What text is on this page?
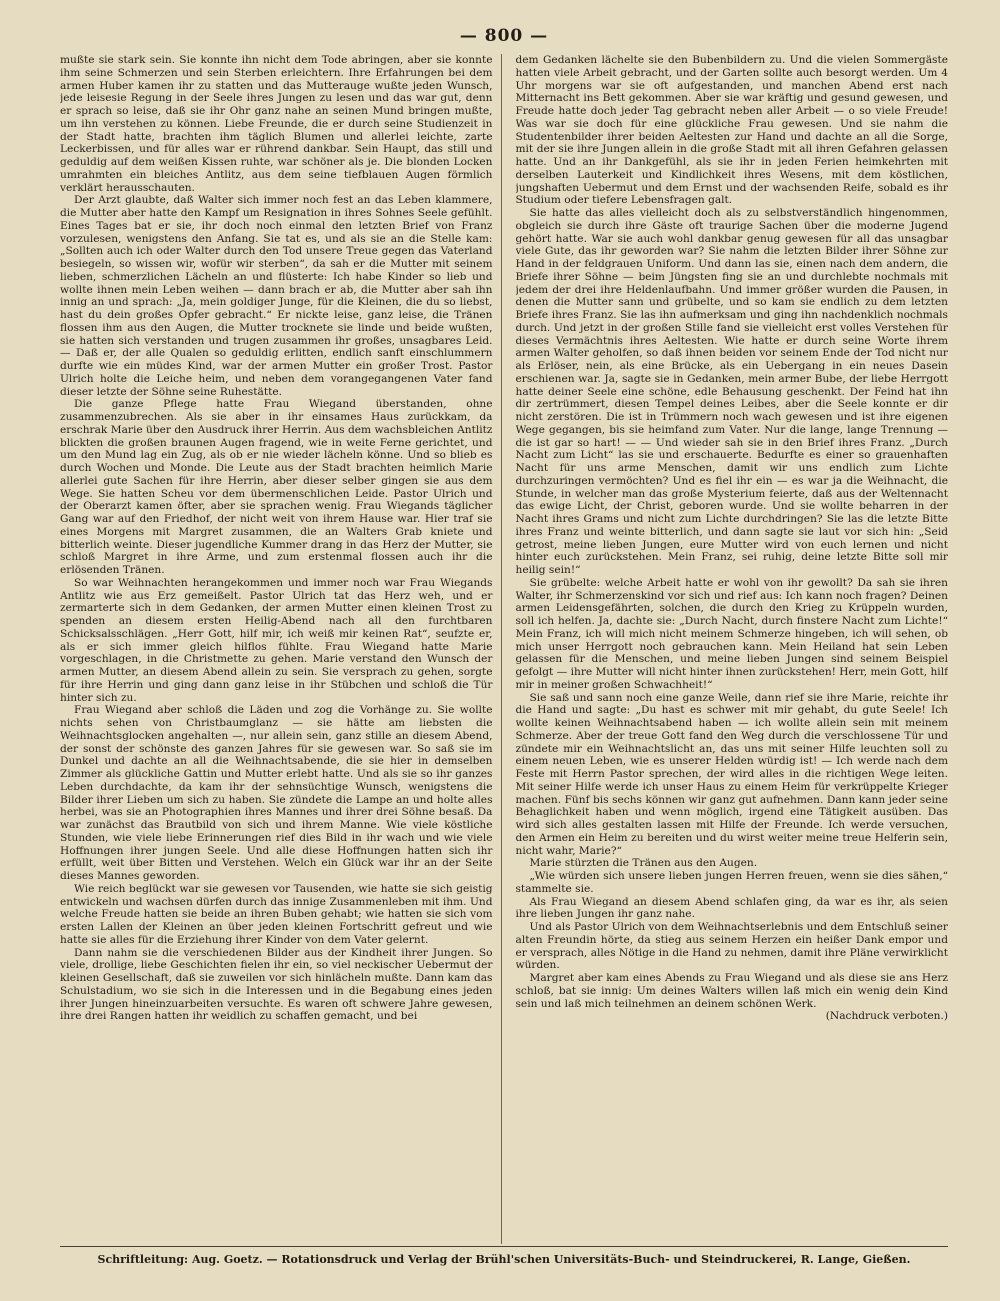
— 800 —

mußte sie stark sein. Sie konnte ihn nicht dem Tode abringen, aber sie konnte ihm seine Schmerzen und sein Sterben erleichtern. Ihre Erfahrungen bei dem armen Huber kamen ihr zu statten und das Mutterauge wußte jeden Wunsch, jede leisesie Regung in der Seele ihres Jungen zu lesen und das war gut, denn er sprach so leise, daß sie ihr Ohr ganz nahe an seinen Mund bringen mußte, um ihn verstehen zu können. Liebe Freunde, die er durch seine Studienzeit in der Stadt hatte, brachten ihm täglich Blumen und allerlei leichte, zarte Leckerbissen, und für alles war er rührend dankbar. Sein Haupt, das still und geduldig auf dem weißen Kissen ruhte, war schöner als je. Die blonden Locken umrahmten ein bleiches Antlitz, aus dem seine tiefblauen Augen förmlich verklärt herausschauten.

Der Arzt glaubte, daß Walter sich immer noch fest an das Leben klammere, die Mutter aber hatte den Kampf um Resignation in ihres Sohnes Seele gefühlt. Eines Tages bat er sie, ihr doch noch einmal den letzten Brief von Franz vorzulesen, wenigstens den Anfang. Sie tat es, und als sie an die Stelle kam: „Sollten auch ich oder Walter durch den Tod unsere Treue gegen das Vaterland besiegeln, so wissen wir, wofür wir sterben“, da sah er die Mutter mit seinem lieben, schmerzlichen Lächeln an und flüsterte: Ich habe Kinder so lieb und wollte ihnen mein Leben weihen — dann brach er ab, die Mutter aber sah ihn innig an und sprach: „Ja, mein goldiger Junge, für die Kleinen, die du so liebst, hast du dein großes Opfer gebracht.“ Er nickte leise, ganz leise, die Tränen flossen ihm aus den Augen, die Mutter trocknete sie linde und beide wußten, sie hatten sich verstanden und trugen zusammen ihr großes, unsagbares Leid. — Daß er, der alle Qualen so geduldig erlitten, endlich sanft einschlummern durfte wie ein müdes Kind, war der armen Mutter ein großer Trost. Pastor Ulrich holte die Leiche heim, und neben dem vorangegangenen Vater fand dieser letzte der Söhne seine Ruhestätte.

Die ganze Pflege hatte Frau Wiegand überstanden, ohne zusammenzubrechen. Als sie aber in ihr einsames Haus zurückkam, da erschrak Marie über den Ausdruck ihrer Herrin. Aus dem wachsbleichen Antlitz blickten die großen braunen Augen fragend, wie in weite Ferne gerichtet, und um den Mund lag ein Zug, als ob er nie wieder lächeln könne. Und so blieb es durch Wochen und Monde. Die Leute aus der Stadt brachten heimlich Marie allerlei gute Sachen für ihre Herrin, aber dieser selber gingen sie aus dem Wege. Sie hatten Scheu vor dem übermenschlichen Leide. Pastor Ulrich und der Oberarzt kamen öfter, aber sie sprachen wenig. Frau Wiegands täglicher Gang war auf den Friedhof, der nicht weit von ihrem Hause war. Hier traf sie eines Morgens mit Margret zusammen, die an Walters Grab kniete und bitterlich weinte. Dieser jugendliche Kummer drang in das Herz der Mutter, sie schloß Margret in ihre Arme, und zum erstenmal flossen auch ihr die erlösenden Tränen.

So war Weihnachten herangekommen und immer noch war Frau Wiegands Antlitz wie aus Erz gemeißelt. Pastor Ulrich tat das Herz weh, und er zermarterte sich in dem Gedanken, der armen Mutter einen kleinen Trost zu spenden an diesem ersten Heilig-Abend nach all den furchtbaren Schicksalsschlägen. „Herr Gott, hilf mir, ich weiß mir keinen Rat“, seufzte er, als er sich immer gleich hilflos fühlte. Frau Wiegand hatte Marie vorgeschlagen, in die Christmette zu gehen. Marie verstand den Wunsch der armen Mutter, an diesem Abend allein zu sein. Sie versprach zu gehen, sorgte für ihre Herrin und ging dann ganz leise in ihr Stübchen und schloß die Tür hinter sich zu.

Frau Wiegand aber schloß die Läden und zog die Vorhänge zu. Sie wollte nichts sehen von Christbaumglanz — sie hätte am liebsten die Weihnachtsglocken angehalten —, nur allein sein, ganz stille an diesem Abend, der sonst der schönste des ganzen Jahres für sie gewesen war. So saß sie im Dunkel und dachte an all die Weihnachtsabende, die sie hier in demselben Zimmer als glückliche Gattin und Mutter erlebt hatte. Und als sie so ihr ganzes Leben durchdachte, da kam ihr der sehnsüchtige Wunsch, wenigstens die Bilder ihrer Lieben um sich zu haben. Sie zündete die Lampe an und holte alles herbei, was sie an Photographien ihres Mannes und ihrer drei Söhne besaß. Da war zunächst das Brautbild von sich und ihrem Manne. Wie viele köstliche Stunden, wie viele liebe Erinnerungen rief dies Bild in ihr wach und wie viele Hoffnungen ihrer jungen Seele. Und alle diese Hoffnungen hatten sich ihr erfüllt, weit über Bitten und Verstehen. Welch ein Glück war ihr an der Seite dieses Mannes geworden.

Wie reich beglückt war sie gewesen vor Tausenden, wie hatte sie sich geistig entwickeln und wachsen dürfen durch das innige Zusammenleben mit ihm. Und welche Freude hatten sie beide an ihren Buben gehabt; wie hatten sie sich vom ersten Lallen der Kleinen an über jeden kleinen Fortschritt gefreut und wie hatte sie alles für die Erziehung ihrer Kinder von dem Vater gelernt.

Dann nahm sie die verschiedenen Bilder aus der Kindheit ihrer Jungen. So viele, drollige, liebe Geschichten fielen ihr ein, so viel neckischer Uebermut der kleinen Gesellschaft, daß sie zuweilen vor sich hinlächeln mußte. Dann kam das Schulstadium, wo sie sich in die Interessen und in die Begabung eines jeden ihrer Jungen hineinzuarbeiten versuchte. Es waren oft schwere Jahre gewesen, ihre drei Rangen hatten ihr weidlich zu schaffen gemacht, und bei

dem Gedanken lächelte sie den Bubenbildern zu. Und die vielen Sommergäste hatten viele Arbeit gebracht, und der Garten sollte auch besorgt werden. Um 4 Uhr morgens war sie oft aufgestanden, und manchen Abend erst nach Mitternacht ins Bett gekommen. Aber sie war kräftig und gesund gewesen, und Freude hatte doch jeder Tag gebracht neben aller Arbeit — o so viele Freude! Was war sie doch für eine glückliche Frau gewesen. Und sie nahm die Studentenbilder ihrer beiden Aeltesten zur Hand und dachte an all die Sorge, mit der sie ihre Jungen allein in die große Stadt mit all ihren Gefahren gelassen hatte. Und an ihr Dankgefühl, als sie ihr in jeden Ferien heimkehrten mit derselben Lauterkeit und Kindlichkeit ihres Wesens, mit dem köstlichen, jungshaften Uebermut und dem Ernst und der wachsenden Reife, sobald es ihr Studium oder tiefere Lebensfragen galt.

Sie hatte das alles vielleicht doch als zu selbstverständlich hingenommen, obgleich sie durch ihre Gäste oft traurige Sachen über die moderne Jugend gehört hatte. War sie auch wohl dankbar genug gewesen für all das unsagbar viele Gute, das ihr geworden war? Sie nahm die letzten Bilder ihrer Söhne zur Hand in der feldgrauen Uniform. Und dann las sie, einen nach dem andern, die Briefe ihrer Söhne — beim Jüngsten fing sie an und durchlebte nochmals mit jedem der drei ihre Heldenlaufbahn. Und immer größer wurden die Pausen, in denen die Mutter sann und grübelte, und so kam sie endlich zu dem letzten Briefe ihres Franz. Sie las ihn aufmerksam und ging ihn nachdenklich nochmals durch. Und jetzt in der großen Stille fand sie vielleicht erst volles Verstehen für dieses Vermächtnis ihres Aeltesten. Wie hatte er durch seine Worte ihrem armen Walter geholfen, so daß ihnen beiden vor seinem Ende der Tod nicht nur als Erlöser, nein, als eine Brücke, als ein Uebergang in ein neues Dasein erschienen war. Ja, sagte sie in Gedanken, mein armer Bube, der liebe Herrgott hatte deiner Seele eine schöne, edle Behausung geschenkt. Der Feind hat ihn dir zertrümmert, diesen Tempel deines Leibes, aber die Seele konnte er dir nicht zerstören. Die ist in Trümmern noch wach gewesen und ist ihre eigenen Wege gegangen, bis sie heimfand zum Vater. Nur die lange, lange Trennung — die ist gar so hart! — — Und wieder sah sie in den Brief ihres Franz. „Durch Nacht zum Licht“ las sie und erschauerte. Bedurfte es einer so grauenhaften Nacht für uns arme Menschen, damit wir uns endlich zum Lichte durchzuringen vermöchten? Und es fiel ihr ein — es war ja die Weihnacht, die Stunde, in welcher man das große Mysterium feierte, daß aus der Weltennacht das ewige Licht, der Christ, geboren wurde. Und sie wollte beharren in der Nacht ihres Grams und nicht zum Lichte durchdringen? Sie las die letzte Bitte ihres Franz und weinte bitterlich, und dann sagte sie laut vor sich hin: „Seid getrost, meine lieben Jungen, eure Mutter wird von euch lernen und nicht hinter euch zurückstehen. Mein Franz, sei ruhig, deine letzte Bitte soll mir heilig sein!“

Sie grübelte: welche Arbeit hatte er wohl von ihr gewollt? Da sah sie ihren Walter, ihr Schmerzenskind vor sich und rief aus: Ich kann noch fragen? Deinen armen Leidensgefährten, solchen, die durch den Krieg zu Krüppeln wurden, soll ich helfen. Ja, dachte sie: „Durch Nacht, durch finstere Nacht zum Lichte!“ Mein Franz, ich will mich nicht meinem Schmerze hingeben, ich will sehen, ob mich unser Herrgott noch gebrauchen kann. Mein Heiland hat sein Leben gelassen für die Menschen, und meine lieben Jungen sind seinem Beispiel gefolgt — ihre Mutter will nicht hinter ihnen zurückstehen! Herr, mein Gott, hilf mir in meiner großen Schwachheit!“

Sie saß und sann noch eine ganze Weile, dann rief sie ihre Marie, reichte ihr die Hand und sagte: „Du hast es schwer mit mir gehabt, du gute Seele! Ich wollte keinen Weihnachtsabend haben — ich wollte allein sein mit meinem Schmerze. Aber der treue Gott fand den Weg durch die verschlossene Tür und zündete mir ein Weihnachtslicht an, das uns mit seiner Hilfe leuchten soll zu einem neuen Leben, wie es unserer Helden würdig ist! — Ich werde nach dem Feste mit Herrn Pastor sprechen, der wird alles in die richtigen Wege leiten. Mit seiner Hilfe werde ich unser Haus zu einem Heim für verkrüppelte Krieger machen. Fünf bis sechs können wir ganz gut aufnehmen. Dann kann jeder seine Behaglichkeit haben und wenn möglich, irgend eine Tätigkeit ausüben. Das wird sich alles gestalten lassen mit Hilfe der Freunde. Ich werde versuchen, den Armen ein Heim zu bereiten und du wirst weiter meine treue Helferin sein, nicht wahr, Marie?“

Marie stürzten die Tränen aus den Augen.

„Wie würden sich unsere lieben jungen Herren freuen, wenn sie dies sähen,“ stammelte sie.

Als Frau Wiegand an diesem Abend schlafen ging, da war es ihr, als seien ihre lieben Jungen ihr ganz nahe.

Und als Pastor Ulrich von dem Weihnachtserlebnis und dem Entschluß seiner alten Freundin hörte, da stieg aus seinem Herzen ein heißer Dank empor und er versprach, alles Nötige in die Hand zu nehmen, damit ihre Pläne verwirklicht würden.

Margret aber kam eines Abends zu Frau Wiegand und als diese sie ans Herz schloß, bat sie innig: Um deines Walters willen laß mich ein wenig dein Kind sein und laß mich teilnehmen an deinem schönen Werk.

(Nachdruck verboten.)
Schriftleitung: Aug. Goetz. — Rotationsdruck und Verlag der Brühl'schen Universitäts-Buch- und Steindruckerei, R. Lange, Gießen.
